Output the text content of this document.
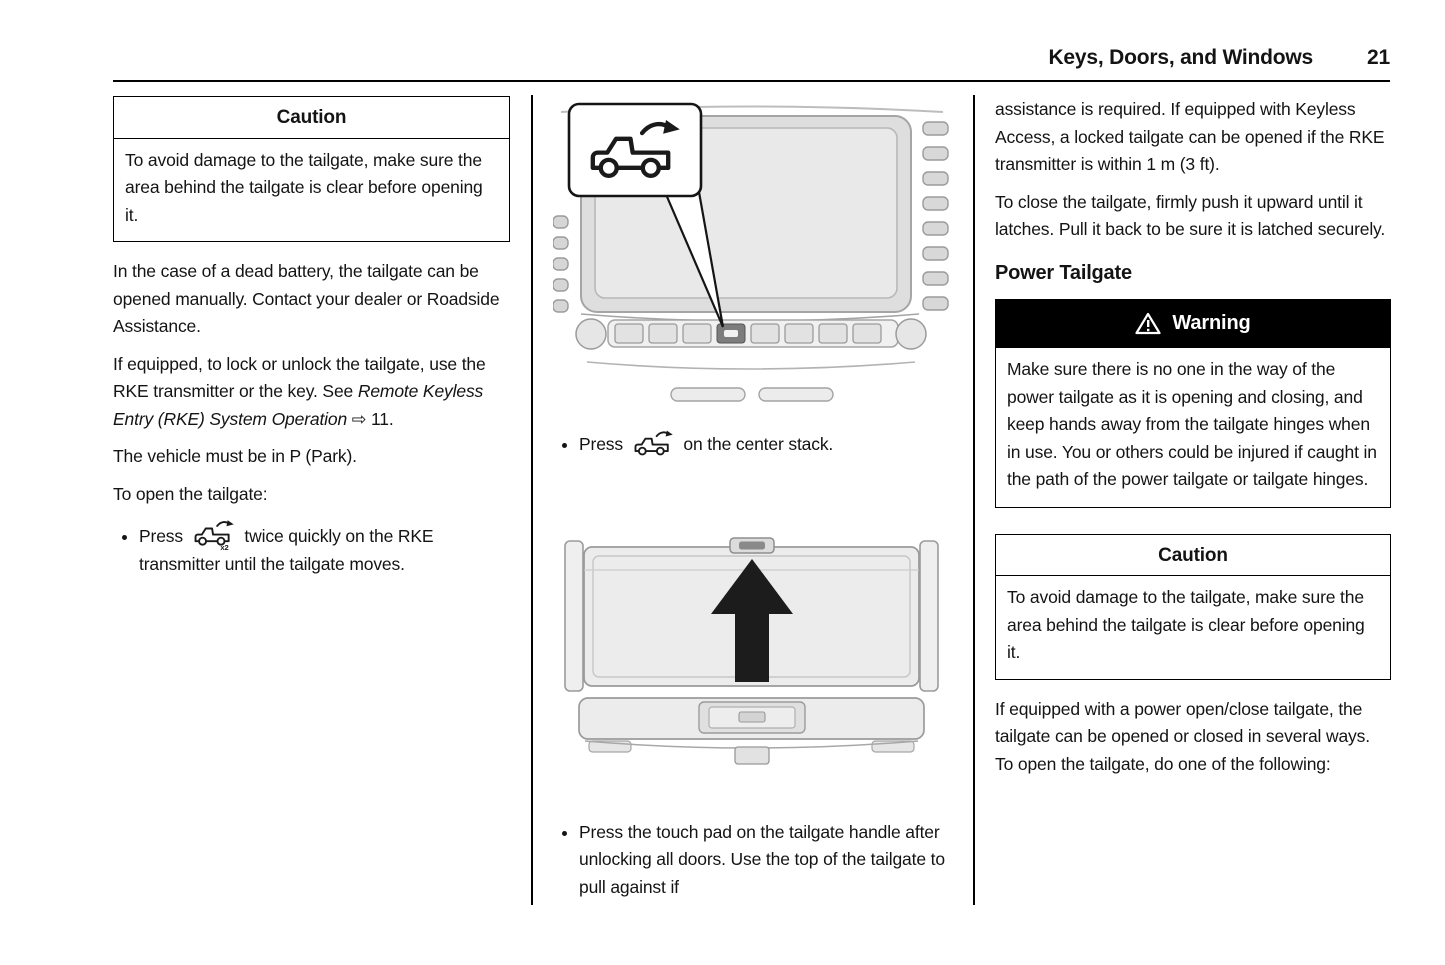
Keys, Doors, and Windows	21
Caution
To avoid damage to the tailgate, make sure the area behind the tailgate is clear before opening it.

In the case of a dead battery, the tailgate can be opened manually. Contact your dealer or Roadside Assistance.

If equipped, to lock or unlock the tailgate, use the RKE transmitter or the key. See Remote Keyless Entry (RKE) System Operation ⇨ 11.

The vehicle must be in P (Park).

To open the tailgate:

• Press
x2
twice quickly on the RKE transmitter until the tailgate moves.
• Press	on the center stack.
• Press the touch pad on the tailgate handle after unlocking all doors. Use the top of the tailgate to pull against if

assistance is required. If equipped with Keyless Access, a locked tailgate can be opened if the RKE transmitter is within 1 m (3 ft).

To close the tailgate, firmly push it upward until it latches. Pull it back to be sure it is latched securely.

Power Tailgate
Warning
Make sure there is no one in the way of the power tailgate as it is opening and closing, and keep hands away from the tailgate hinges when in use. You or others could be injured if caught in the path of the power tailgate or tailgate hinges.
Caution
To avoid damage to the tailgate, make sure the area behind the tailgate is clear before opening it.

If equipped with a power open/close tailgate, the tailgate can be opened or closed in several ways. To open the tailgate, do one of the following:
